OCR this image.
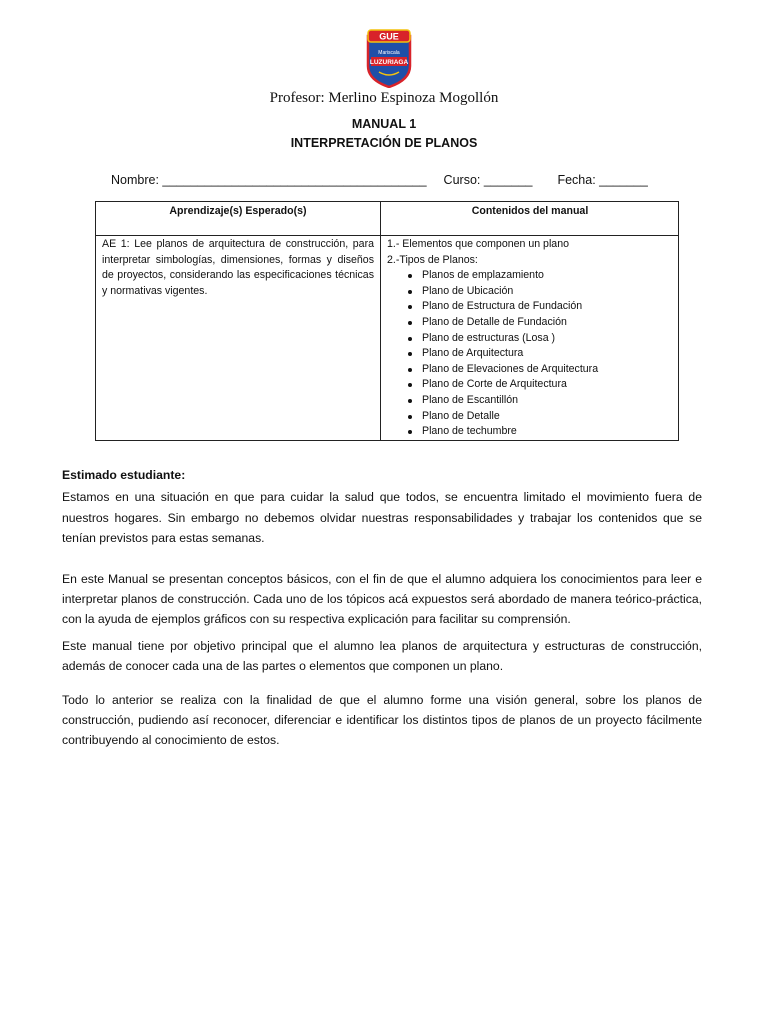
GUE
Mariscala
LUZURIAGA
Profesor: Merlino Espinoza Mogollón
MANUAL 1
INTERPRETACIÓN DE PLANOS
Nombre: ______________________________________ Curso: _______ Fecha: _______
Aprendizaje(s) Esperado(s)	Contenidos del manual
AE 1: Lee planos de arquitectura de construcción, para interpretar simbologías, dimensiones, formas y diseños de proyectos, considerando las especificaciones técnicas y normativas vigentes.
1.- Elementos que componen un plano
2.-Tipos de Planos:
Planos de emplazamiento
Plano de Ubicación
Plano de Estructura de Fundación
Plano de Detalle de Fundación
Plano de estructuras (Losa )
Plano de Arquitectura
Plano de Elevaciones de Arquitectura
Plano de Corte de Arquitectura
Plano de Escantillón
Plano de Detalle
Plano de techumbre
Estimado estudiante:

Estamos en una situación en que para cuidar la salud que todos, se encuentra limitado el movimiento fuera de nuestros hogares. Sin embargo no debemos olvidar nuestras responsabilidades y trabajar los contenidos que se tenían previstos para estas semanas.

En este Manual se presentan conceptos básicos, con el fin de que el alumno adquiera los conocimientos para leer e interpretar planos de construcción. Cada uno de los tópicos acá expuestos será abordado de manera teórico-práctica, con la ayuda de ejemplos gráficos con su respectiva explicación para facilitar su comprensión.

Este manual tiene por objetivo principal que el alumno lea planos de arquitectura y estructuras de construcción, además de conocer cada una de las partes o elementos que componen un plano.

Todo lo anterior se realiza con la finalidad de que el alumno forme una visión general, sobre los planos de construcción, pudiendo así reconocer, diferenciar e identificar los distintos tipos de planos de un proyecto fácilmente contribuyendo al conocimiento de estos.
